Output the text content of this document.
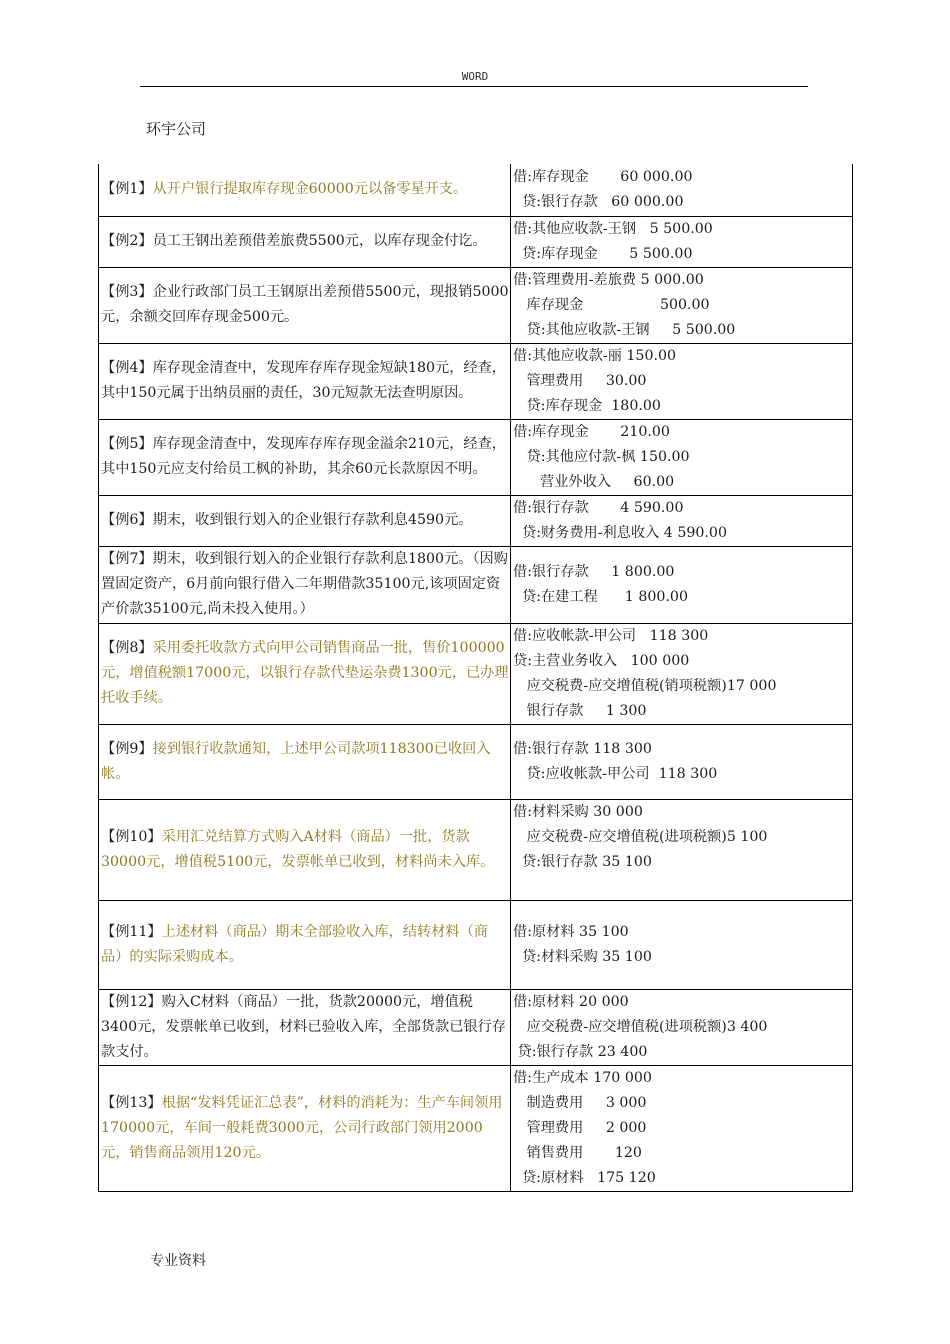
WORD
环宇公司
【例1】从开户银行提取库存现金60000元以备零星开支。	借:库存现金       60 000.00
贷:银行存款   60 000.00

【例2】员工王钢出差预借差旅费5500元，以库存现金付讫。	借:其他应收款-王钢   5 500.00
贷:库存现金       5 500.00

【例3】企业行政部门员工王钢原出差预借5500元，现报销5000元，余额交回库存现金500元。	借:管理费用-差旅费 5 000.00
库存现金                 500.00
贷:其他应收款-王钢     5 500.00

【例4】库存现金清查中，发现库存库存现金短缺180元，经查，其中150元属于出纳员丽的责任，30元短款无法查明原因。	借:其他应收款-丽 150.00
管理费用     30.00
贷:库存现金  180.00

【例5】库存现金清查中，发现库存库存现金溢余210元，经查，其中150元应支付给员工枫的补助，其余60元长款原因不明。	借:库存现金       210.00
贷:其他应付款-枫 150.00
营业外收入     60.00

【例6】期末，收到银行划入的企业银行存款利息4590元。	借:银行存款       4 590.00
贷:财务费用-利息收入 4 590.00

【例7】期末，收到银行划入的企业银行存款利息1800元。（因购置固定资产，6月前向银行借入二年期借款35100元,该项固定资产价款35100元,尚未投入使用。）	借:银行存款     1 800.00
贷:在建工程      1 800.00

【例8】采用委托收款方式向甲公司销售商品一批，售价100000元，增值税额17000元，以银行存款代垫运杂费1300元，已办理托收手续。	借:应收帐款-甲公司   118 300
贷:主营业务收入   100 000
应交税费-应交增值税(销项税额)17 000
银行存款     1 300

【例9】接到银行收款通知，上述甲公司款项118300已收回入帐。	借:银行存款 118 300
贷:应收帐款-甲公司  118 300

【例10】采用汇兑结算方式购入A材料（商品）一批，货款30000元，增值税5100元，发票帐单已收到，材料尚未入库。	借:材料采购 30 000
应交税费-应交增值税(进项税额)5 100
贷:银行存款 35 100

【例11】上述材料（商品）期末全部验收入库，结转材料（商品）的实际采购成本。	借:原材料 35 100
贷:材料采购 35 100

【例12】购入C材料（商品）一批，货款20000元，增值税3400元，发票帐单已收到，材料已验收入库，全部货款已银行存款支付。	借:原材料 20 000
应交税费-应交增值税(进项税额)3 400
贷:银行存款 23 400

【例13】根据“发料凭证汇总表”，材料的消耗为：生产车间领用170000元，车间一般耗费3000元，公司行政部门领用2000元，销售商品领用120元。	借:生产成本 170 000
制造费用     3 000
管理费用     2 000
销售费用       120
贷:原材料   175 120
专业资料
